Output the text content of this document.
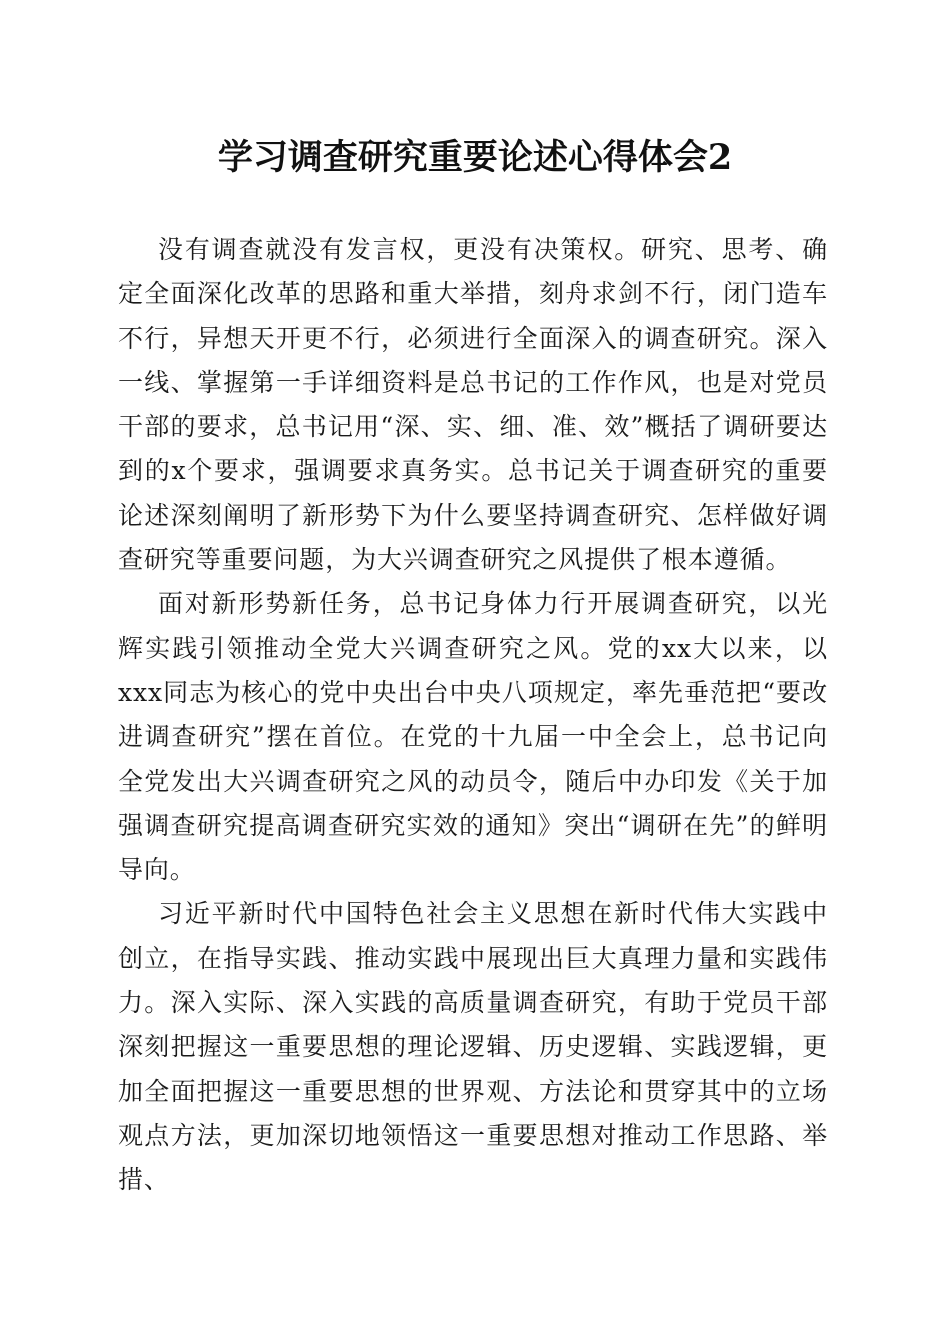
学习调查研究重要论述心得体会2

没有调查就没有发言权，更没有决策权。研究、思考、确定全面深化改革的思路和重大举措，刻舟求剑不行，闭门造车不行，异想天开更不行，必须进行全面深入的调查研究。深入一线、掌握第一手详细资料是总书记的工作作风，也是对党员干部的要求，总书记用“深、实、细、准、效”概括了调研要达到的x个要求，强调要求真务实。总书记关于调查研究的重要论述深刻阐明了新形势下为什么要坚持调查研究、怎样做好调查研究等重要问题，为大兴调查研究之风提供了根本遵循。

面对新形势新任务，总书记身体力行开展调查研究，以光辉实践引领推动全党大兴调查研究之风。党的xx大以来，以xxx同志为核心的党中央出台中央八项规定，率先垂范把“要改进调查研究”摆在首位。在党的十九届一中全会上，总书记向全党发出大兴调查研究之风的动员令，随后中办印发《关于加强调查研究提高调查研究实效的通知》突出“调研在先”的鲜明导向。

习近平新时代中国特色社会主义思想在新时代伟大实践中创立，在指导实践、推动实践中展现出巨大真理力量和实践伟力。深入实际、深入实践的高质量调查研究，有助于党员干部深刻把握这一重要思想的理论逻辑、历史逻辑、实践逻辑，更加全面把握这一重要思想的世界观、方法论和贯穿其中的立场观点方法，更加深切地领悟这一重要思想对推动工作思路、举措、
